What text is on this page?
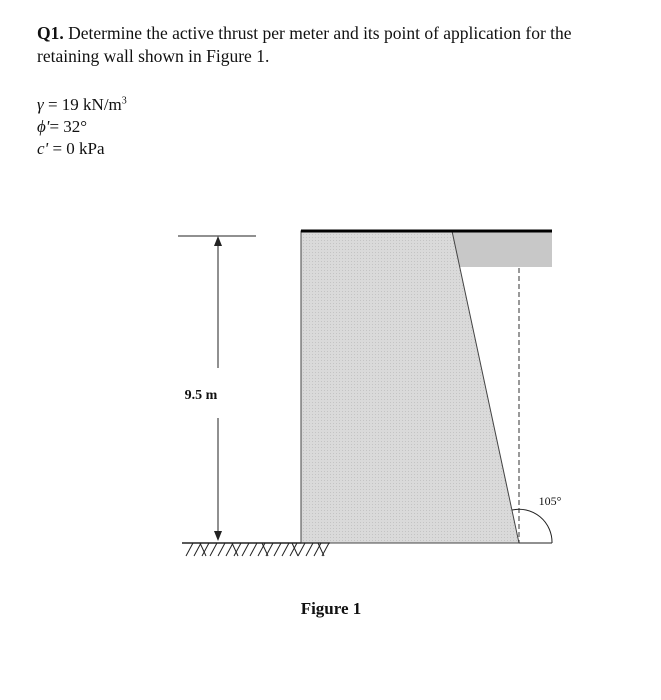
Q1. Determine the active thrust per meter and its point of application for the retaining wall shown in Figure 1.
γ = 19 $kN/m^3$
ϕ'= 32°
c' = 0 kPa
9.5 m
105°
Figure 1
